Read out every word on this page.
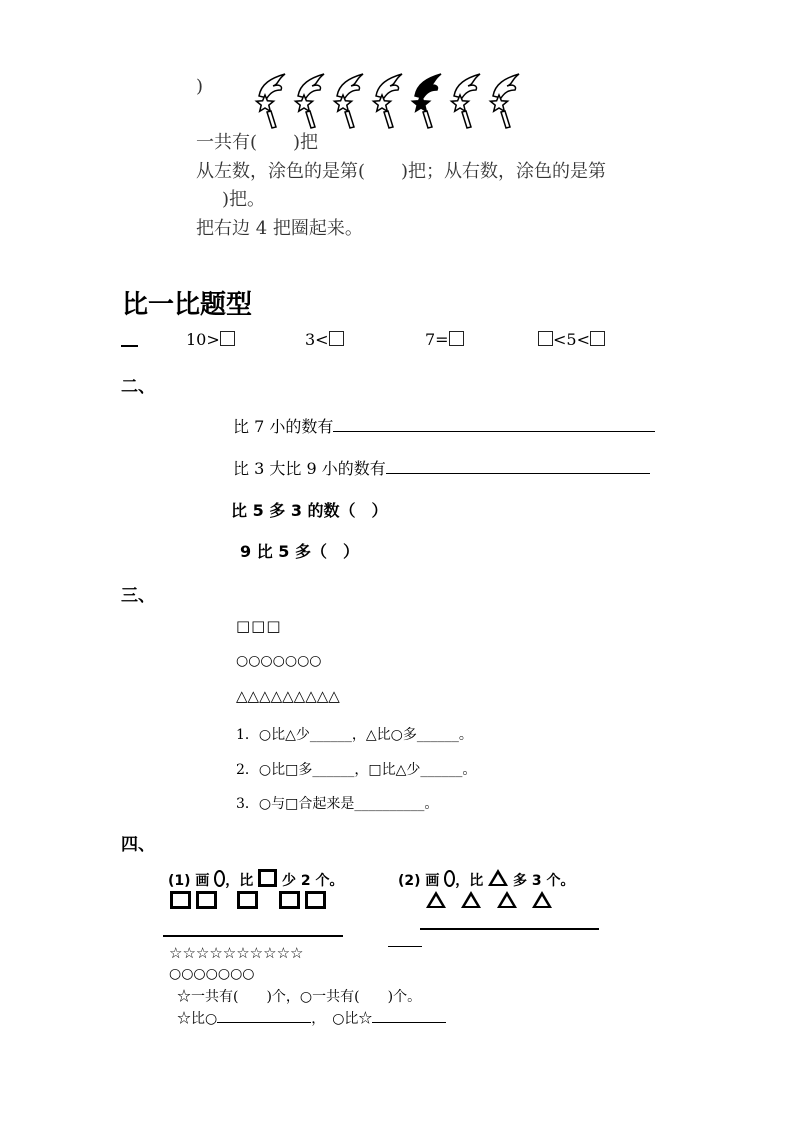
)
一共有(　　)把
从左数，涂色的是第(　　)把；从右数，涂色的是第
)把。
把右边 4 把圈起来。
比一比题型
10>	3<	7=	<5<
二、
比 7 小的数有
比 3 大比 9 小的数有
比 5 多 3 的数（　）
9 比 5 多（　）
三、
□□□
○○○○○○○
△△△△△△△△△
1．○比△少______，△比○多______。
2．○比□多______，□比△少______。
3．○与□合起来是__________。
四、
(1) 画 ，比 少 2 个。
	(2) 画 ，比 多 3 个。

☆☆☆☆☆☆☆☆☆☆
○○○○○○○
☆一共有(　　)个，○一共有(　　)个。
☆比○	，　○比☆
